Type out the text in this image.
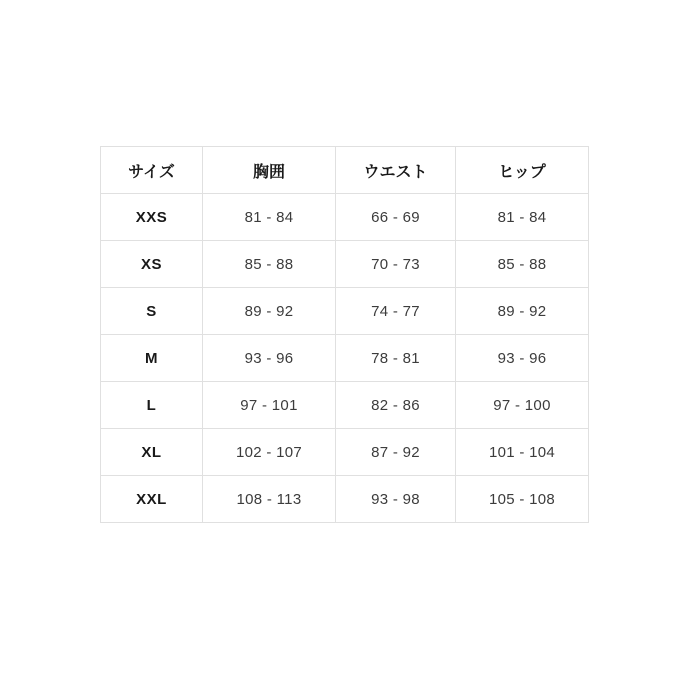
サイズ	胸囲	ウエスト	ヒップ
XXS	81 - 84	66 - 69	81 - 84
XS	85 - 88	70 - 73	85 - 88
S	89 - 92	74 - 77	89 - 92
M	93 - 96	78 - 81	93 - 96
L	97 - 101	82 - 86	97 - 100
XL	102 - 107	87 - 92	101 - 104
XXL	108 - 113	93 - 98	105 - 108
